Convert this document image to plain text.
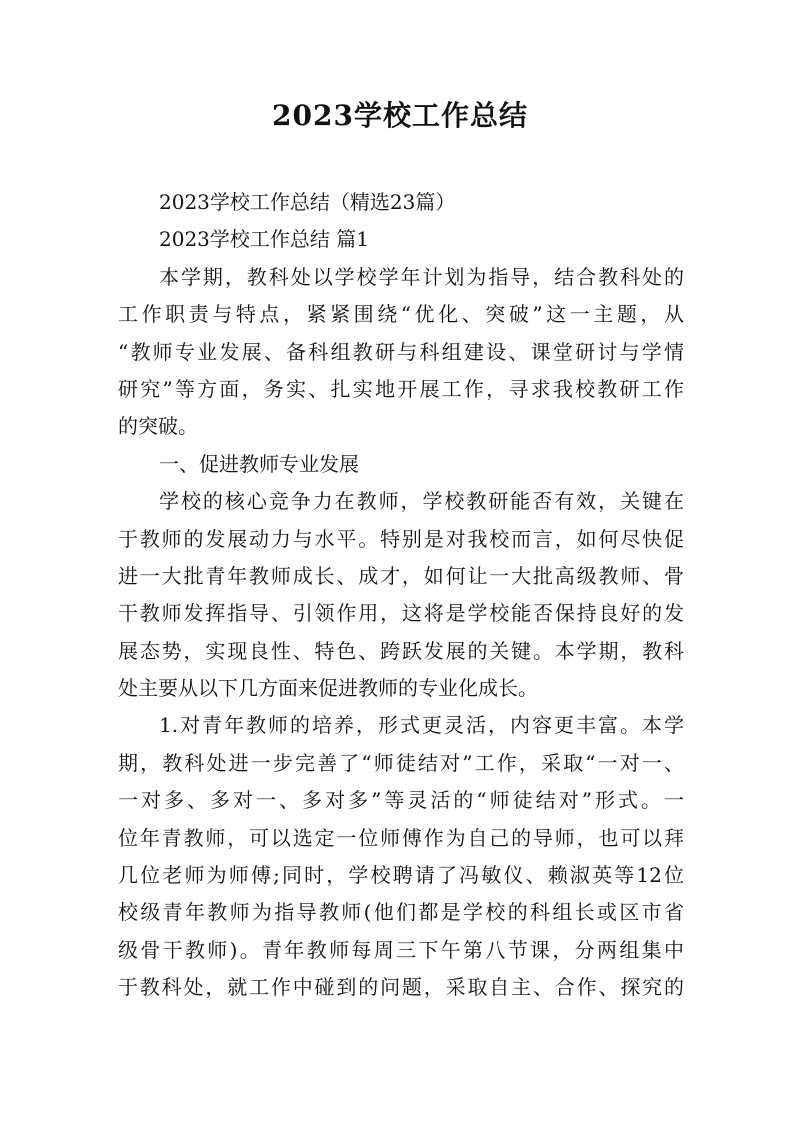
2023学校工作总结
2023学校工作总结（精选23篇）
2023学校工作总结 篇1
本学期，教科处以学校学年计划为指导，结合教科处的
工作职责与特点，紧紧围绕“优化、突破”这一主题，从
“教师专业发展、备科组教研与科组建设、课堂研讨与学情
研究”等方面，务实、扎实地开展工作，寻求我校教研工作
的突破。
一、促进教师专业发展
学校的核心竞争力在教师，学校教研能否有效，关键在
于教师的发展动力与水平。特别是对我校而言，如何尽快促
进一大批青年教师成长、成才，如何让一大批高级教师、骨
干教师发挥指导、引领作用，这将是学校能否保持良好的发
展态势，实现良性、特色、跨跃发展的关键。本学期，教科
处主要从以下几方面来促进教师的专业化成长。
1.对青年教师的培养，形式更灵活，内容更丰富。本学
期，教科处进一步完善了“师徒结对”工作，采取“一对一、
一对多、多对一、多对多”等灵活的“师徒结对”形式。一
位年青教师，可以选定一位师傅作为自己的导师，也可以拜
几位老师为师傅;同时，学校聘请了冯敏仪、赖淑英等12位
校级青年教师为指导教师(他们都是学校的科组长或区市省
级骨干教师)。青年教师每周三下午第八节课，分两组集中
于教科处，就工作中碰到的问题，采取自主、合作、探究的
